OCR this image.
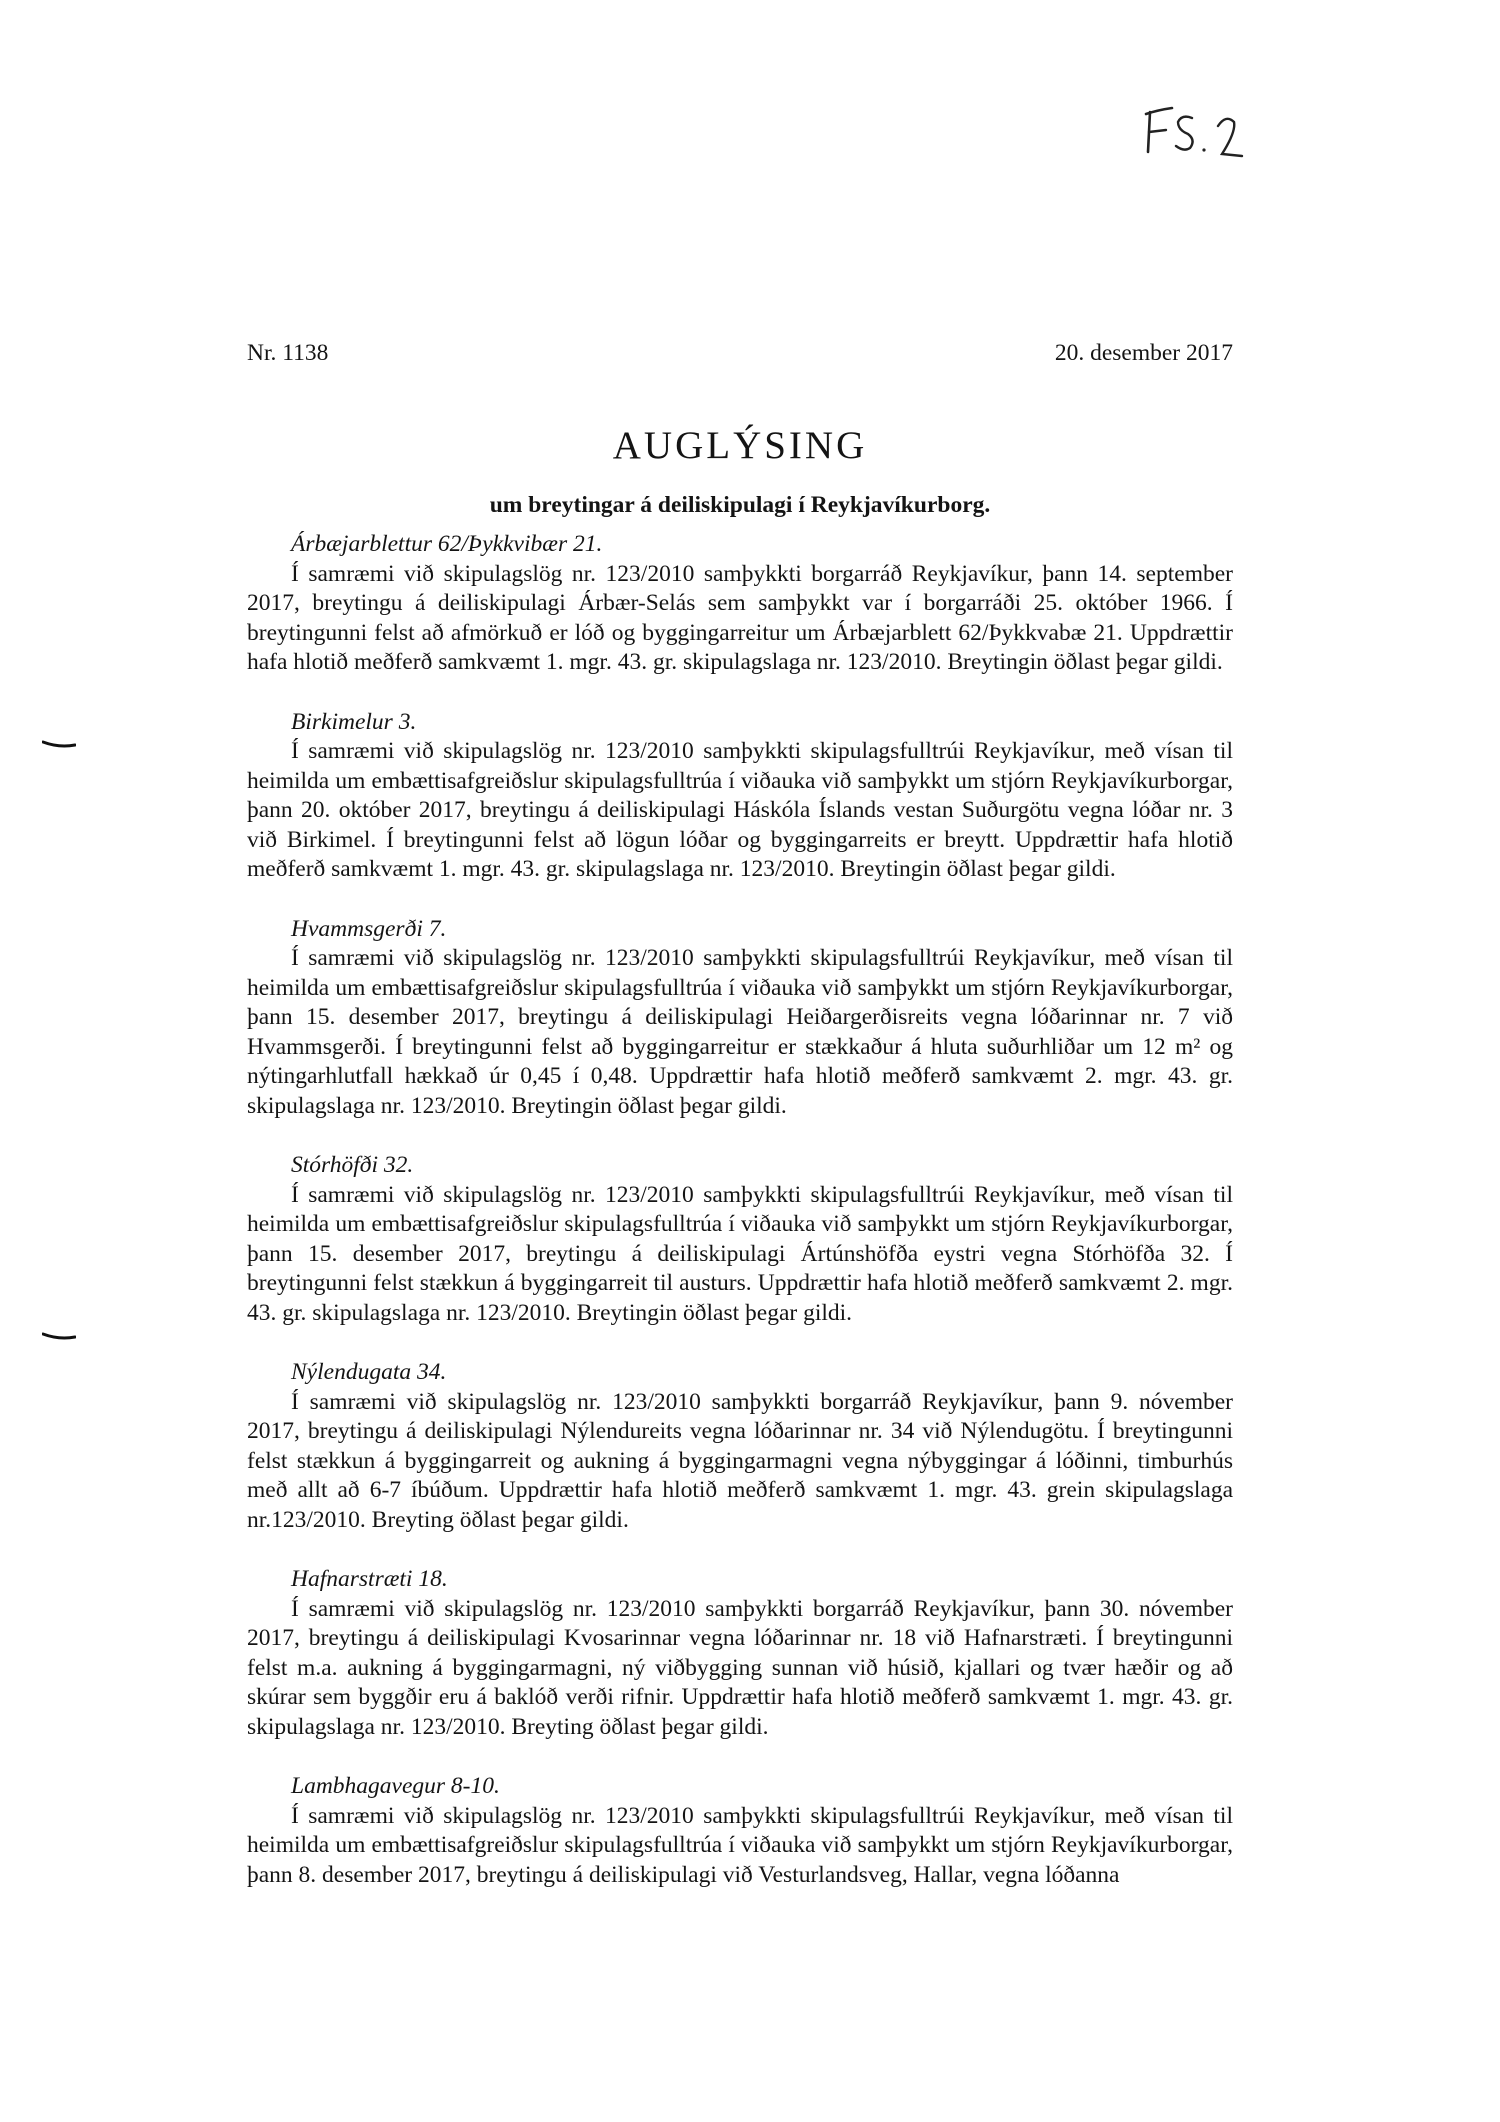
Nr. 1138	20. desember 2017
AUGLÝSING
um breytingar á deiliskipulagi í Reykjavíkurborg.
Árbæjarblettur 62/Þykkvibær 21.

Í samræmi við skipulagslög nr. 123/2010 samþykkti borgarráð Reykjavíkur, þann 14. september 2017, breytingu á deiliskipulagi Árbær-Selás sem samþykkt var í borgarráði 25. október 1966. Í breytingunni felst að afmörkuð er lóð og byggingarreitur um Árbæjarblett 62/Þykkvabæ 21. Uppdrættir hafa hlotið meðferð samkvæmt 1. mgr. 43. gr. skipulagslaga nr. 123/2010. Breytingin öðlast þegar gildi.

Birkimelur 3.

Í samræmi við skipulagslög nr. 123/2010 samþykkti skipulagsfulltrúi Reykjavíkur, með vísan til heimilda um embættisafgreiðslur skipulagsfulltrúa í viðauka við samþykkt um stjórn Reykjavíkurborgar, þann 20. október 2017, breytingu á deiliskipulagi Háskóla Íslands vestan Suðurgötu vegna lóðar nr. 3 við Birkimel. Í breytingunni felst að lögun lóðar og byggingarreits er breytt. Uppdrættir hafa hlotið meðferð samkvæmt 1. mgr. 43. gr. skipulagslaga nr. 123/2010. Breytingin öðlast þegar gildi.

Hvammsgerði 7.

Í samræmi við skipulagslög nr. 123/2010 samþykkti skipulagsfulltrúi Reykjavíkur, með vísan til heimilda um embættisafgreiðslur skipulagsfulltrúa í viðauka við samþykkt um stjórn Reykjavíkurborgar, þann 15. desember 2017, breytingu á deiliskipulagi Heiðargerðisreits vegna lóðarinnar nr. 7 við Hvammsgerði. Í breytingunni felst að byggingarreitur er stækkaður á hluta suðurhliðar um 12 m² og nýtingarhlutfall hækkað úr 0,45 í 0,48. Uppdrættir hafa hlotið meðferð samkvæmt 2. mgr. 43. gr. skipulagslaga nr. 123/2010. Breytingin öðlast þegar gildi.

Stórhöfði 32.

Í samræmi við skipulagslög nr. 123/2010 samþykkti skipulagsfulltrúi Reykjavíkur, með vísan til heimilda um embættisafgreiðslur skipulagsfulltrúa í viðauka við samþykkt um stjórn Reykjavíkurborgar, þann 15. desember 2017, breytingu á deiliskipulagi Ártúnshöfða eystri vegna Stórhöfða 32. Í breytingunni felst stækkun á byggingarreit til austurs. Uppdrættir hafa hlotið meðferð samkvæmt 2. mgr. 43. gr. skipulagslaga nr. 123/2010. Breytingin öðlast þegar gildi.

Nýlendugata 34.

Í samræmi við skipulagslög nr. 123/2010 samþykkti borgarráð Reykjavíkur, þann 9. nóvember 2017, breytingu á deiliskipulagi Nýlendureits vegna lóðarinnar nr. 34 við Nýlendugötu. Í breytingunni felst stækkun á byggingarreit og aukning á byggingarmagni vegna nýbyggingar á lóðinni, timburhús með allt að 6-7 íbúðum. Uppdrættir hafa hlotið meðferð samkvæmt 1. mgr. 43. grein skipulagslaga nr.123/2010. Breyting öðlast þegar gildi.

Hafnarstræti 18.

Í samræmi við skipulagslög nr. 123/2010 samþykkti borgarráð Reykjavíkur, þann 30. nóvember 2017, breytingu á deiliskipulagi Kvosarinnar vegna lóðarinnar nr. 18 við Hafnarstræti. Í breytingunni felst m.a. aukning á byggingarmagni, ný viðbygging sunnan við húsið, kjallari og tvær hæðir og að skúrar sem byggðir eru á baklóð verði rifnir. Uppdrættir hafa hlotið meðferð samkvæmt 1. mgr. 43. gr. skipulagslaga nr. 123/2010. Breyting öðlast þegar gildi.

Lambhagavegur 8-10.

Í samræmi við skipulagslög nr. 123/2010 samþykkti skipulagsfulltrúi Reykjavíkur, með vísan til heimilda um embættisafgreiðslur skipulagsfulltrúa í viðauka við samþykkt um stjórn Reykjavíkurborgar, þann 8. desember 2017, breytingu á deiliskipulagi við Vesturlandsveg, Hallar, vegna lóðanna
